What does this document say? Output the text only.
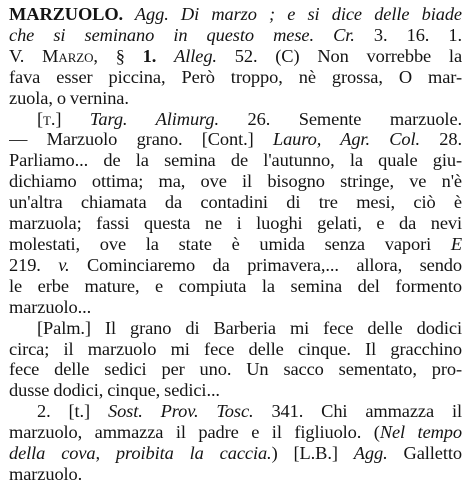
MARZUOLO. Agg. Di marzo ; e si dice delle biade
che si seminano in questo mese. Cr. 3. 16. 1.
V. Marzo, § 1. Alleg. 52. (C) Non vorrebbe la
fava esser piccina, Però troppo, nè grossa, O mar-
zuola, o vernina.
[t.] Targ. Alimurg. 26. Semente marzuole.
— Marzuolo grano. [Cont.] Lauro, Agr. Col. 28.
Parliamo... de la semina de l'autunno, la quale giu-
dichiamo ottima; ma, ove il bisogno stringe, ve n'è
un'altra chiamata da contadini di tre mesi, ciò è
marzuola; fassi questa ne i luoghi gelati, e da nevi
molestati, ove la state è umida senza vapori E
219. v. Cominciaremo da primavera,... allora, sendo
le erbe mature, e compiuta la semina del formento
marzuolo...
[Palm.] Il grano di Barberia mi fece delle dodici
circa; il marzuolo mi fece delle cinque. Il gracchino
fece delle sedici per uno. Un sacco sementato, pro-
dusse dodici, cinque, sedici...
2. [t.] Sost. Prov. Tosc. 341. Chi ammazza il
marzuolo, ammazza il padre e il figliuolo. (Nel tempo
della cova, proibita la caccia.) [L.B.] Agg. Galletto
marzuolo.
